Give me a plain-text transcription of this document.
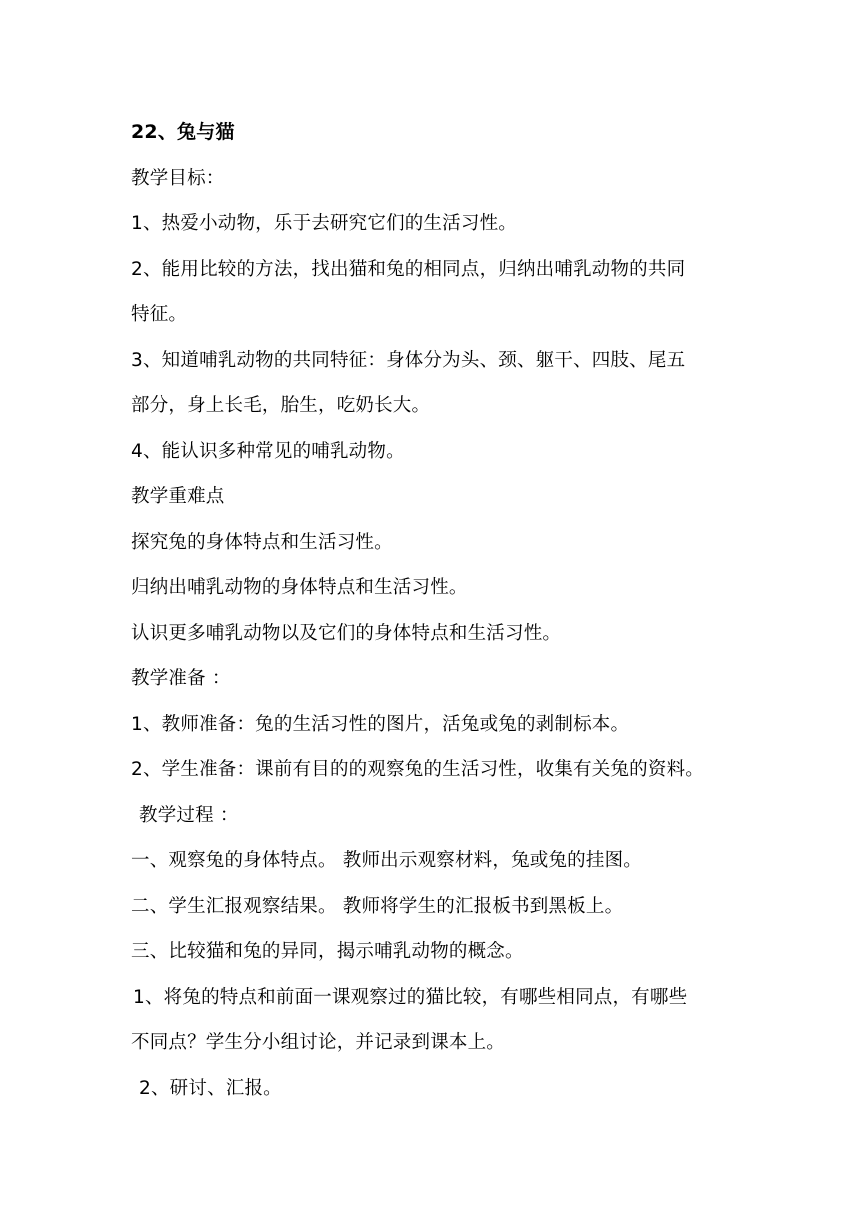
22、兔与猫
教学目标：
1、热爱小动物，乐于去研究它们的生活习性。
2、能用比较的方法，找出猫和兔的相同点，归纳出哺乳动物的共同
特征。
3、知道哺乳动物的共同特征：身体分为头、颈、躯干、四肢、尾五
部分，身上长毛，胎生，吃奶长大。
4、能认识多种常见的哺乳动物。
教学重难点
探究兔的身体特点和生活习性。
归纳出哺乳动物的身体特点和生活习性。
认识更多哺乳动物以及它们的身体特点和生活习性。
教学准备 ：
1、教师准备：兔的生活习性的图片，活兔或兔的剥制标本。
2、学生准备：课前有目的的观察兔的生活习性，收集有关兔的资料。
教学过程 ：
一、观察兔的身体特点。 教师出示观察材料，兔或兔的挂图。
二、学生汇报观察结果。 教师将学生的汇报板书到黑板上。
三、比较猫和兔的异同，揭示哺乳动物的概念。
1、将兔的特点和前面一课观察过的猫比较，有哪些相同点，有哪些
不同点？学生分小组讨论，并记录到课本上。
2、研讨、汇报。
